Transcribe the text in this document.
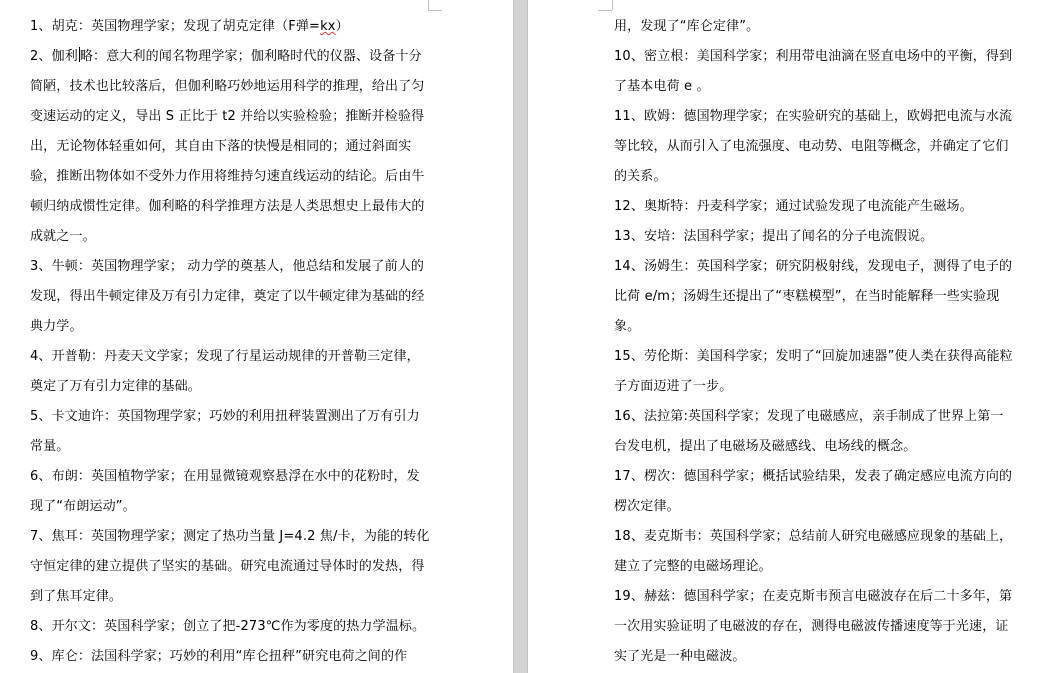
1、胡克：英国物理学家；发现了胡克定律（F弹=kx）

2、伽利 略：意大利的闻名物理学家；伽利略时代的仪器、设备十分简陋，技术也比较落后，但伽利略巧妙地运用科学的推理，给出了匀变速运动的定义，导出 S 正比于 t2 并给以实验检验；推断并检验得出，无论物体轻重如何，其自由下落的快慢是相同的；通过斜面实验，推断出物体如不受外力作用将维持匀速直线运动的结论。后由牛顿归纳成惯性定律。伽利略的科学推理方法是人类思想史上最伟大的成就之一。

3、牛顿：英国物理学家； 动力学的奠基人，他总结和发展了前人的发现，得出牛顿定律及万有引力定律，奠定了以牛顿定律为基础的经典力学。

4、开普勒：丹麦天文学家；发现了行星运动规律的开普勒三定律，奠定了万有引力定律的基础。

5、卡文迪许：英国物理学家；巧妙的利用扭秤装置测出了万有引力常量。

6、布朗：英国植物学家；在用显微镜观察悬浮在水中的花粉时，发现了“布朗运动”。

7、焦耳：英国物理学家；测定了热功当量 J=4.2 焦/卡，为能的转化守恒定律的建立提供了坚实的基础。研究电流通过导体时的发热，得到了焦耳定律。

8、开尔文：英国科学家；创立了把-273℃作为零度的热力学温标。

9、库仑：法国科学家；巧妙的利用“库仑扭秤”研究电荷之间的作

用，发现了“库仑定律”。

10、密立根：美国科学家；利用带电油滴在竖直电场中的平衡，得到了基本电荷 e 。

11、欧姆：德国物理学家；在实验研究的基础上，欧姆把电流与水流等比较，从而引入了电流强度、电动势、电阻等概念，并确定了它们的关系。

12、奥斯特：丹麦科学家；通过试验发现了电流能产生磁场。

13、安培：法国科学家；提出了闻名的分子电流假说。

14、汤姆生：英国科学家；研究阴极射线，发现电子，测得了电子的比荷 e/m；汤姆生还提出了“枣糕模型”，在当时能解释一些实验现象。

15、劳伦斯：美国科学家；发明了“回旋加速器”使人类在获得高能粒子方面迈进了一步。

16、法拉第:英国科学家；发现了电磁感应，亲手制成了世界上第一台发电机，提出了电磁场及磁感线、电场线的概念。

17、楞次：德国科学家；概括试验结果，发表了确定感应电流方向的楞次定律。

18、麦克斯韦：英国科学家；总结前人研究电磁感应现象的基础上，建立了完整的电磁场理论。

19、赫兹：德国科学家；在麦克斯韦预言电磁波存在后二十多年，第一次用实验证明了电磁波的存在，测得电磁波传播速度等于光速，证实了光是一种电磁波。
